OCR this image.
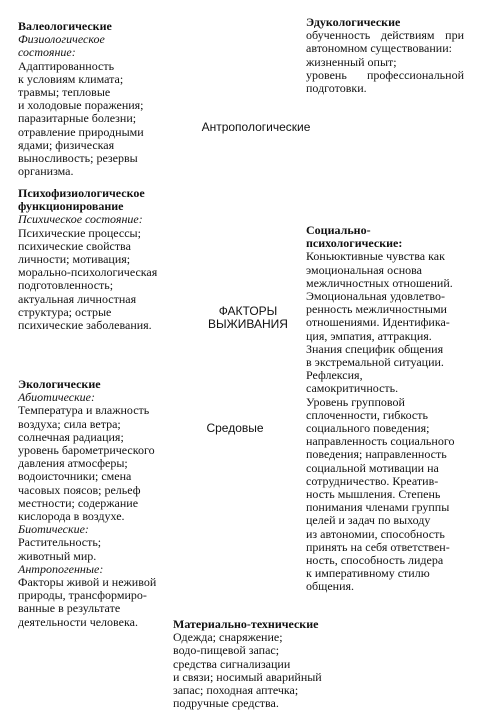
Валеологические
Физиологическое
состояние:
Адаптированность
к условиям климата;
травмы; тепловые
и холодовые поражения;
паразитарные болезни;
отравление природными
ядами; физическая
выносливость; резервы
организма.
Психофизиологическое
функционирование
Психическое состояние:
Психические процессы;
психические свойства
личности; мотивация;
морально-психологическая
подготовленность;
актуальная личностная
структура; острые
психические заболевания.
Экологические
Абиотические:
Температура и влажность
воздуха; сила ветра;
солнечная радиация;
уровень барометрического
давления атмосферы;
водоисточники; смена
часовых поясов; рельеф
местности; содержание
кислорода в воздухе.
Биотические:
Растительность;
животный мир.
Антропогенные:
Факторы живой и неживой
природы, трансформиро-
ванные в результате
деятельности человека.
Эдукологические
обученность действиям при
автономном существовании:
жизненный опыт;
уровень профессиональной
подготовки.
Социально-
психологические:
Коньюктивные чувства как
эмоциональная основа
межличностных отношений.
Эмоциональная удовлетво-
ренность межличностными
отношениями. Идентифика-
ция, эмпатия, аттракция.
Знания специфик общения
в экстремальной ситуации.
Рефлексия,
самокритичность.
Уровень групповой
сплоченности, гибкость
социального поведения;
направленность социального
поведения; направленность
социальной мотивации на
сотрудничество. Креатив-
ность мышления. Степень
понимания членами группы
целей и задач по выходу
из автономии, способность
принять на себя ответствен-
ность, способность лидера
к императивному стилю
общения.
Материально-технические
Одежда; снаряжение;
водо-пищевой запас;
средства сигнализации
и связи; носимый аварийный
запас; походная аптечка;
подручные средства.
Антропологические
ФАКТОРЫ
ВЫЖИВАНИЯ
Средовые
